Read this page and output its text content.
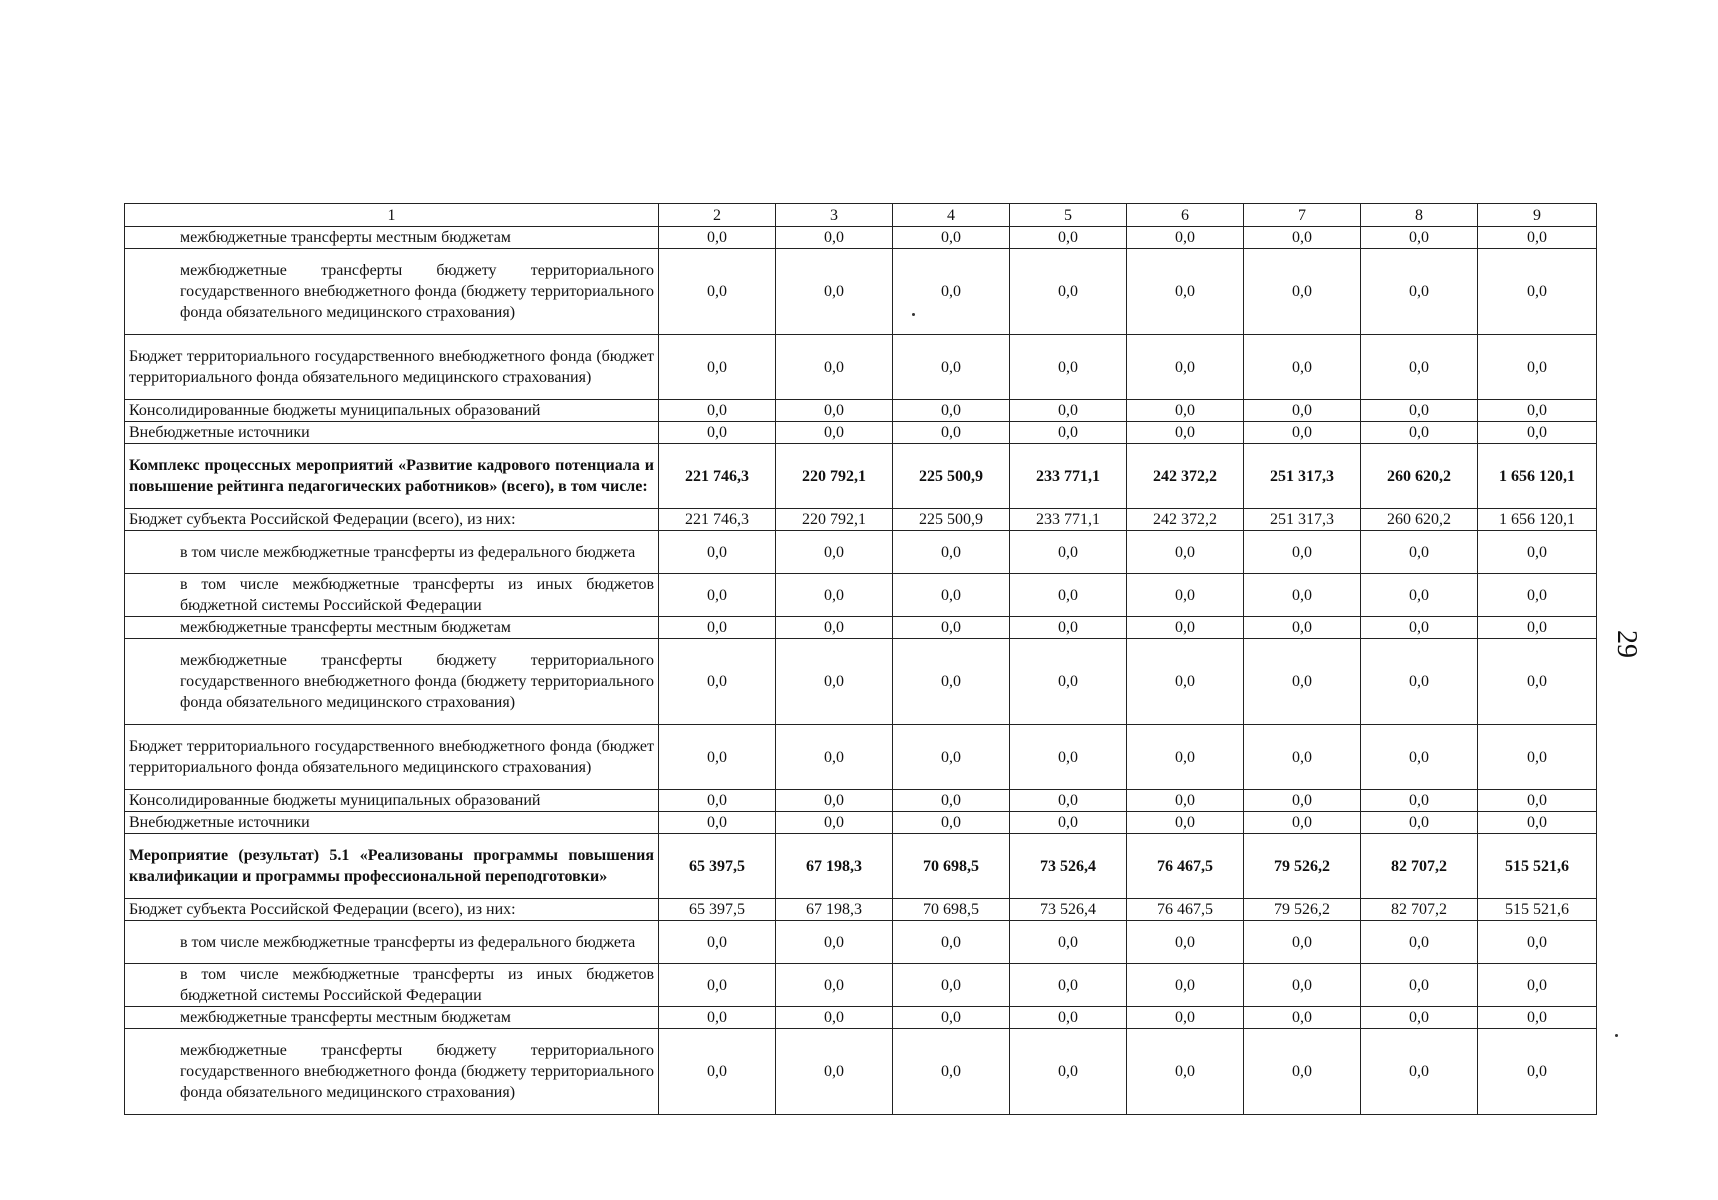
1	2	3	4	5	6	7	8	9
межбюджетные трансферты местным бюджетам	0,0	0,0	0,0	0,0	0,0	0,0	0,0	0,0
межбюджетные трансферты бюджету территориального государственного внебюджетного фонда (бюджету территориального фонда обязательного медицинского страхования)	0,0	0,0	0,0	0,0	0,0	0,0	0,0	0,0
Бюджет территориального государственного внебюджетного фонда (бюджет территориального фонда обязательного медицинского страхования)	0,0	0,0	0,0	0,0	0,0	0,0	0,0	0,0
Консолидированные бюджеты муниципальных образований	0,0	0,0	0,0	0,0	0,0	0,0	0,0	0,0
Внебюджетные источники	0,0	0,0	0,0	0,0	0,0	0,0	0,0	0,0
Комплекс процессных мероприятий «Развитие кадрового потенциала и повышение рейтинга педагогических работников» (всего), в том числе:	221 746,3	220 792,1	225 500,9	233 771,1	242 372,2	251 317,3	260 620,2	1 656 120,1
Бюджет субъекта Российской Федерации (всего), из них:	221 746,3	220 792,1	225 500,9	233 771,1	242 372,2	251 317,3	260 620,2	1 656 120,1
в том числе межбюджетные трансферты из федерального бюджета	0,0	0,0	0,0	0,0	0,0	0,0	0,0	0,0
в том числе межбюджетные трансферты из иных бюджетов бюджетной системы Российской Федерации	0,0	0,0	0,0	0,0	0,0	0,0	0,0	0,0
межбюджетные трансферты местным бюджетам	0,0	0,0	0,0	0,0	0,0	0,0	0,0	0,0
межбюджетные трансферты бюджету территориального государственного внебюджетного фонда (бюджету территориального фонда обязательного медицинского страхования)	0,0	0,0	0,0	0,0	0,0	0,0	0,0	0,0
Бюджет территориального государственного внебюджетного фонда (бюджет территориального фонда обязательного медицинского страхования)	0,0	0,0	0,0	0,0	0,0	0,0	0,0	0,0
Консолидированные бюджеты муниципальных образований	0,0	0,0	0,0	0,0	0,0	0,0	0,0	0,0
Внебюджетные источники	0,0	0,0	0,0	0,0	0,0	0,0	0,0	0,0
Мероприятие (результат) 5.1 «Реализованы программы повышения квалификации и программы профессиональной переподготовки»	65 397,5	67 198,3	70 698,5	73 526,4	76 467,5	79 526,2	82 707,2	515 521,6
Бюджет субъекта Российской Федерации (всего), из них:	65 397,5	67 198,3	70 698,5	73 526,4	76 467,5	79 526,2	82 707,2	515 521,6
в том числе межбюджетные трансферты из федерального бюджета	0,0	0,0	0,0	0,0	0,0	0,0	0,0	0,0
в том числе межбюджетные трансферты из иных бюджетов бюджетной системы Российской Федерации	0,0	0,0	0,0	0,0	0,0	0,0	0,0	0,0
межбюджетные трансферты местным бюджетам	0,0	0,0	0,0	0,0	0,0	0,0	0,0	0,0
межбюджетные трансферты бюджету территориального государственного внебюджетного фонда (бюджету территориального фонда обязательного медицинского страхования)	0,0	0,0	0,0	0,0	0,0	0,0	0,0	0,0
29
